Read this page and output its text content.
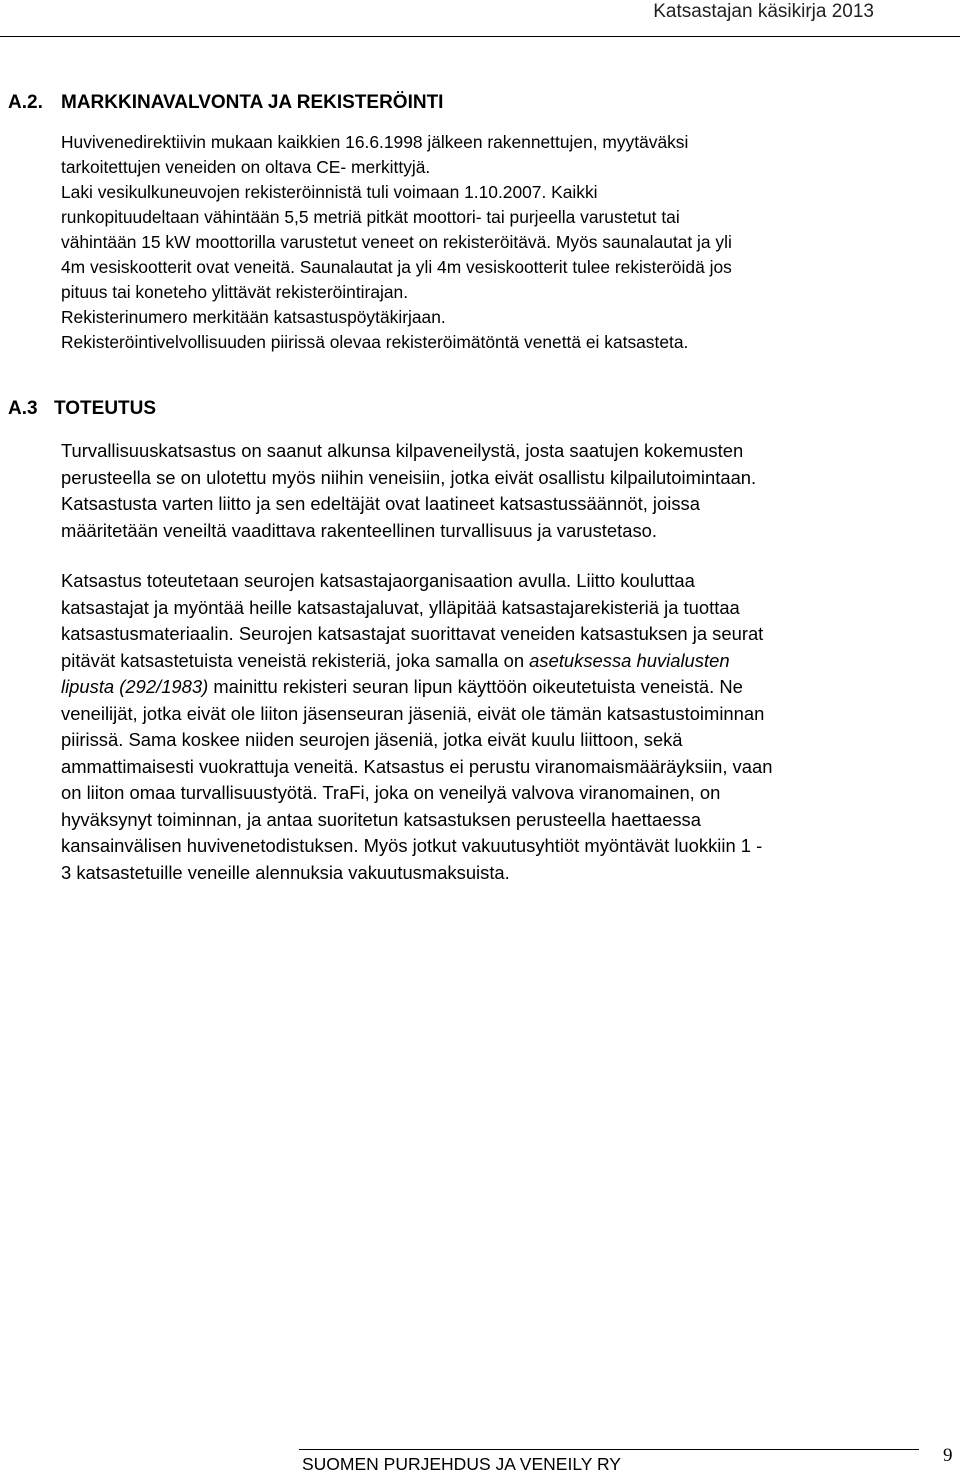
Katsastajan käsikirja 2013
A.2. MARKKINAVALVONTA JA REKISTERÖINTI
Huvivenedirektiivin mukaan kaikkien 16.6.1998 jälkeen rakennettujen, myytäväksi
tarkoitettujen veneiden on oltava CE- merkittyjä.
Laki vesikulkuneuvojen rekisteröinnistä tuli voimaan 1.10.2007. Kaikki
runkopituudeltaan vähintään 5,5 metriä pitkät moottori- tai purjeella varustetut tai
vähintään 15 kW moottorilla varustetut veneet on rekisteröitävä. Myös saunalautat ja yli
4m vesiskootterit ovat veneitä. Saunalautat ja yli 4m vesiskootterit tulee rekisteröidä jos
pituus tai koneteho ylittävät rekisteröintirajan.
Rekisterinumero merkitään katsastuspöytäkirjaan.
Rekisteröintivelvollisuuden piirissä olevaa rekisteröimätöntä venettä ei katsasteta.
A.3 TOTEUTUS
Turvallisuuskatsastus on saanut alkunsa kilpaveneilystä, josta saatujen kokemusten
perusteella se on ulotettu myös niihin veneisiin, jotka eivät osallistu kilpailutoimintaan.
Katsastusta varten liitto ja sen edeltäjät ovat laatineet katsastussäännöt, joissa
määritetään veneiltä vaadittava rakenteellinen turvallisuus ja varustetaso.
Katsastus toteutetaan seurojen katsastajaorganisaation avulla. Liitto kouluttaa
katsastajat ja myöntää heille katsastajaluvat, ylläpitää katsastajarekisteriä ja tuottaa
katsastusmateriaalin. Seurojen katsastajat suorittavat veneiden katsastuksen ja seurat
pitävät katsastetuista veneistä rekisteriä, joka samalla on asetuksessa huvialusten
lipusta (292/1983) mainittu rekisteri seuran lipun käyttöön oikeutetuista veneistä. Ne
veneilijät, jotka eivät ole liiton jäsenseuran jäseniä, eivät ole tämän katsastustoiminnan
piirissä. Sama koskee niiden seurojen jäseniä, jotka eivät kuulu liittoon, sekä
ammattimaisesti vuokrattuja veneitä. Katsastus ei perustu viranomaismääräyksiin, vaan
on liiton omaa turvallisuustyötä. TraFi, joka on veneilyä valvova viranomainen, on
hyväksynyt toiminnan, ja antaa suoritetun katsastuksen perusteella haettaessa
kansainvälisen huvivenetodistuksen. Myös jotkut vakuutusyhtiöt myöntävät luokkiin 1 -
3 katsastetuille veneille alennuksia vakuutusmaksuista.
SUOMEN PURJEHDUS JA VENEILY RY	9
